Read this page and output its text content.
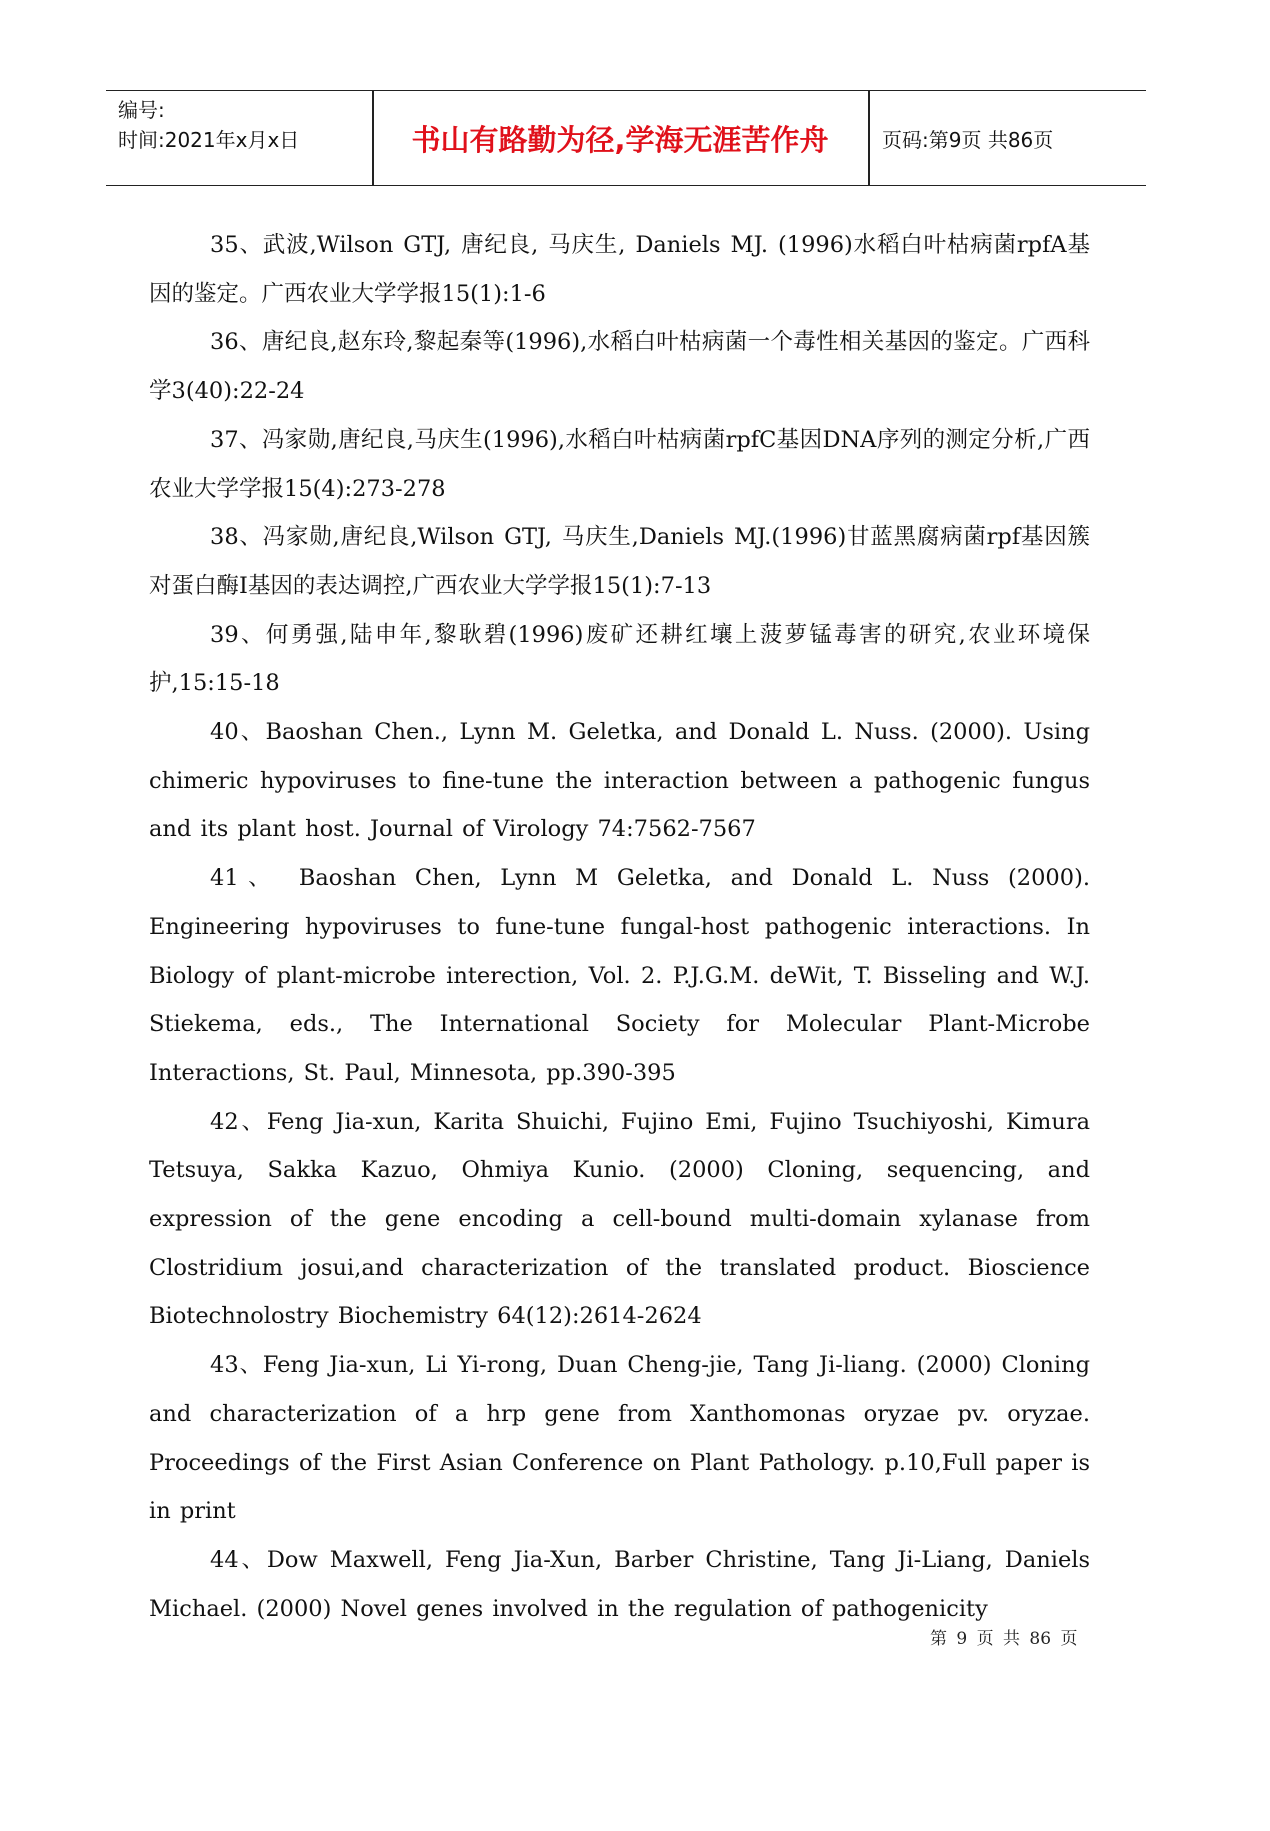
编号:
时间:2021年x月x日	书山有路勤为径,学海无涯苦作舟	页码:第9页 共86页

35、武波,Wilson GTJ, 唐纪良, 马庆生, Daniels MJ. (1996)水稻白叶枯病菌rpfA基因的鉴定。广西农业大学学报15(1):1-6

36、唐纪良,赵东玲,黎起秦等(1996),水稻白叶枯病菌一个毒性相关基因的鉴定。广西科学3(40):22-24

37、冯家勋,唐纪良,马庆生(1996),水稻白叶枯病菌rpfC基因DNA序列的测定分析,广西农业大学学报15(4):273-278

38、冯家勋,唐纪良,Wilson GTJ, 马庆生,Daniels MJ.(1996)甘蓝黑腐病菌rpf基因簇对蛋白酶I基因的表达调控,广西农业大学学报15(1):7-13

39、何勇强,陆申年,黎耿碧(1996)废矿还耕红壤上菠萝锰毒害的研究,农业环境保护,15:15-18

40、Baoshan Chen., Lynn M. Geletka, and Donald L. Nuss. (2000). Using chimeric hypoviruses to fine-tune the interaction between a pathogenic fungus and its plant host. Journal of Virology 74:7562-7567

41、 Baoshan Chen, Lynn M Geletka, and Donald L. Nuss (2000). Engineering hypoviruses to fune-tune fungal-host pathogenic interactions. In Biology of plant-microbe interection, Vol. 2. P.J.G.M. deWit, T. Bisseling and W.J. Stiekema, eds., The International Society for Molecular Plant-Microbe Interactions, St. Paul, Minnesota, pp.390-395

42、Feng Jia-xun, Karita Shuichi, Fujino Emi, Fujino Tsuchiyoshi, Kimura Tetsuya, Sakka Kazuo, Ohmiya Kunio. (2000) Cloning, sequencing, and expression of the gene encoding a cell-bound multi-domain xylanase from Clostridium josui,and characterization of the translated product. Bioscience Biotechnolostry Biochemistry 64(12):2614-2624

43、Feng Jia-xun, Li Yi-rong, Duan Cheng-jie, Tang Ji-liang. (2000) Cloning and characterization of a hrp gene from Xanthomonas oryzae pv. oryzae. Proceedings of the First Asian Conference on Plant Pathology. p.10,Full paper is in print

44、Dow Maxwell, Feng Jia-Xun, Barber Christine, Tang Ji-Liang, Daniels Michael. (2000) Novel genes involved in the regulation of pathogenicity

第 9 页 共 86 页
